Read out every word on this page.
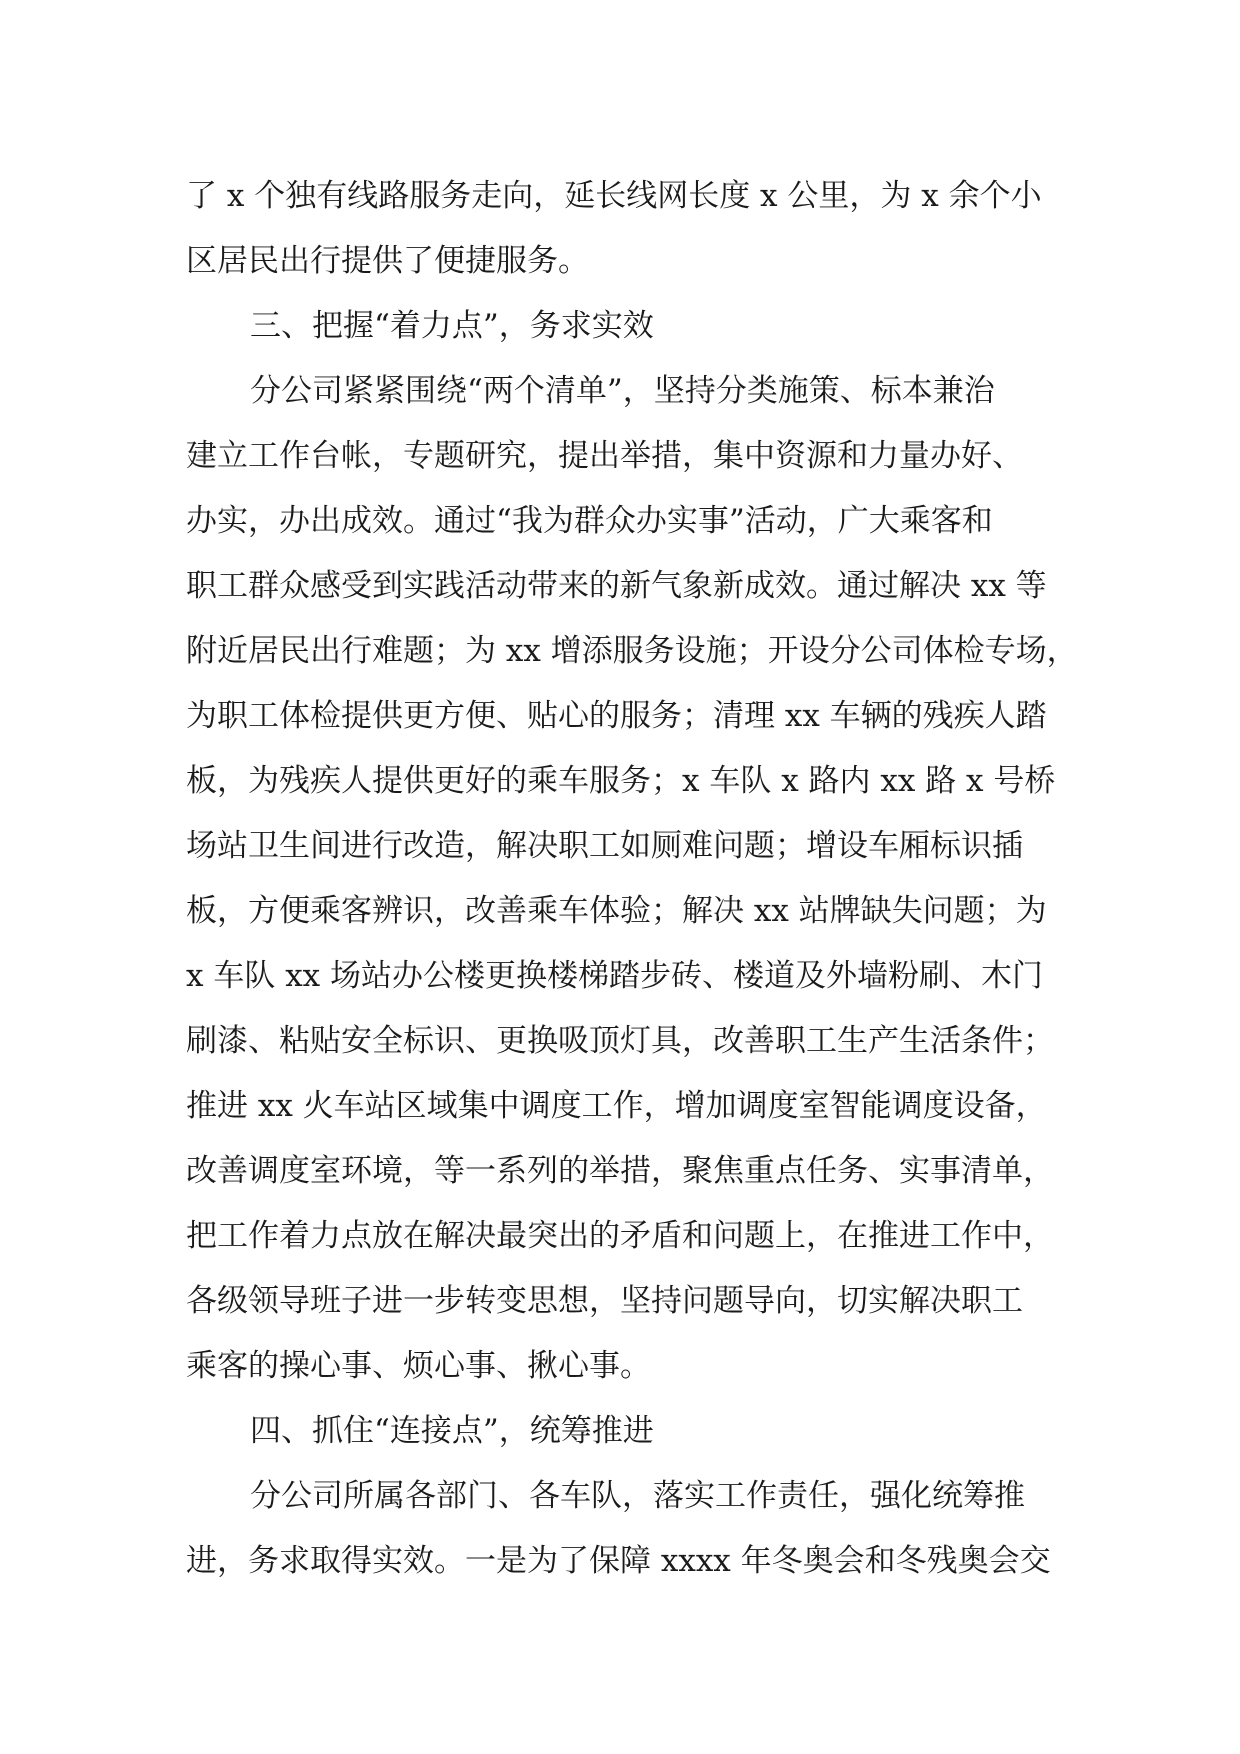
了 x 个独有线路服务走向，延长线网长度 x 公里，为 x 余个小
区居民出行提供了便捷服务。
三、把握“着力点”，务求实效
分公司紧紧围绕“两个清单”，坚持分类施策、标本兼治
建立工作台帐，专题研究，提出举措，集中资源和力量办好、
办实，办出成效。通过“我为群众办实事”活动，广大乘客和
职工群众感受到实践活动带来的新气象新成效。通过解决 xx 等
附近居民出行难题；为 xx 增添服务设施；开设分公司体检专场，
为职工体检提供更方便、贴心的服务；清理 xx 车辆的残疾人踏
板，为残疾人提供更好的乘车服务；x 车队 x 路内 xx 路 x 号桥
场站卫生间进行改造，解决职工如厕难问题；增设车厢标识插
板，方便乘客辨识，改善乘车体验；解决 xx 站牌缺失问题；为
x 车队 xx 场站办公楼更换楼梯踏步砖、楼道及外墙粉刷、木门
刷漆、粘贴安全标识、更换吸顶灯具，改善职工生产生活条件；
推进 xx 火车站区域集中调度工作，增加调度室智能调度设备，
改善调度室环境，等一系列的举措，聚焦重点任务、实事清单，
把工作着力点放在解决最突出的矛盾和问题上，在推进工作中，
各级领导班子进一步转变思想，坚持问题导向，切实解决职工
乘客的操心事、烦心事、揪心事。
四、抓住“连接点”，统筹推进
分公司所属各部门、各车队，落实工作责任，强化统筹推
进，务求取得实效。一是为了保障 xxxx 年冬奥会和冬残奥会交
